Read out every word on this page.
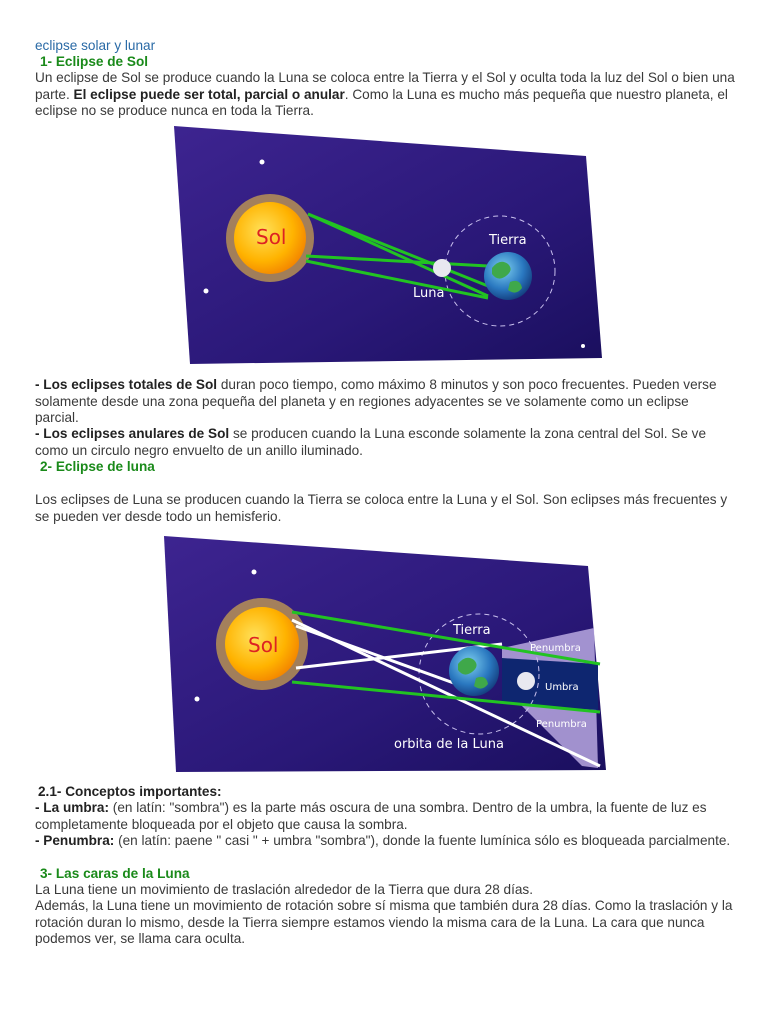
eclipse solar y lunar
1- Eclipse de Sol

Un eclipse de Sol se produce cuando la Luna se coloca entre la Tierra y el Sol y oculta toda la luz del Sol o bien una parte. El eclipse puede ser total, parcial o anular. Como la Luna es mucho más pequeña que nuestro planeta, el eclipse no se produce nunca en toda la Tierra.

Sol	Tierra
Luna

- Los eclipses totales de Sol duran poco tiempo, como máximo 8 minutos y son poco frecuentes. Pueden verse solamente desde una zona pequeña del planeta y en regiones adyacentes se ve solamente como un eclipse parcial.

- Los eclipses anulares de Sol se producen cuando la Luna esconde solamente la zona central del Sol. Se ve como un circulo negro envuelto de un anillo iluminado.

2- Eclipse de luna

Los eclipses de Luna se producen cuando la Tierra se coloca entre la Luna y el Sol. Son eclipses más frecuentes y se pueden ver desde todo un hemisferio.

Sol
Tierra
Penumbra
Umbra
Penumbra
orbita de la Luna
2.1- Conceptos importantes:

- La umbra: (en latín: "sombra") es la parte más oscura de una sombra. Dentro de la umbra, la fuente de luz es completamente bloqueada por el objeto que causa la sombra.

- Penumbra: (en latín: paene " casi " + umbra "sombra"), donde la fuente lumínica sólo es bloqueada parcialmente.

3- Las caras de la Luna

La Luna tiene un movimiento de traslación alrededor de la Tierra que dura 28 días.

Además, la Luna tiene un movimiento de rotación sobre sí misma que también dura 28 días. Como la traslación y la rotación duran lo mismo, desde la Tierra siempre estamos viendo la misma cara de la Luna. La cara que nunca podemos ver, se llama cara oculta.
